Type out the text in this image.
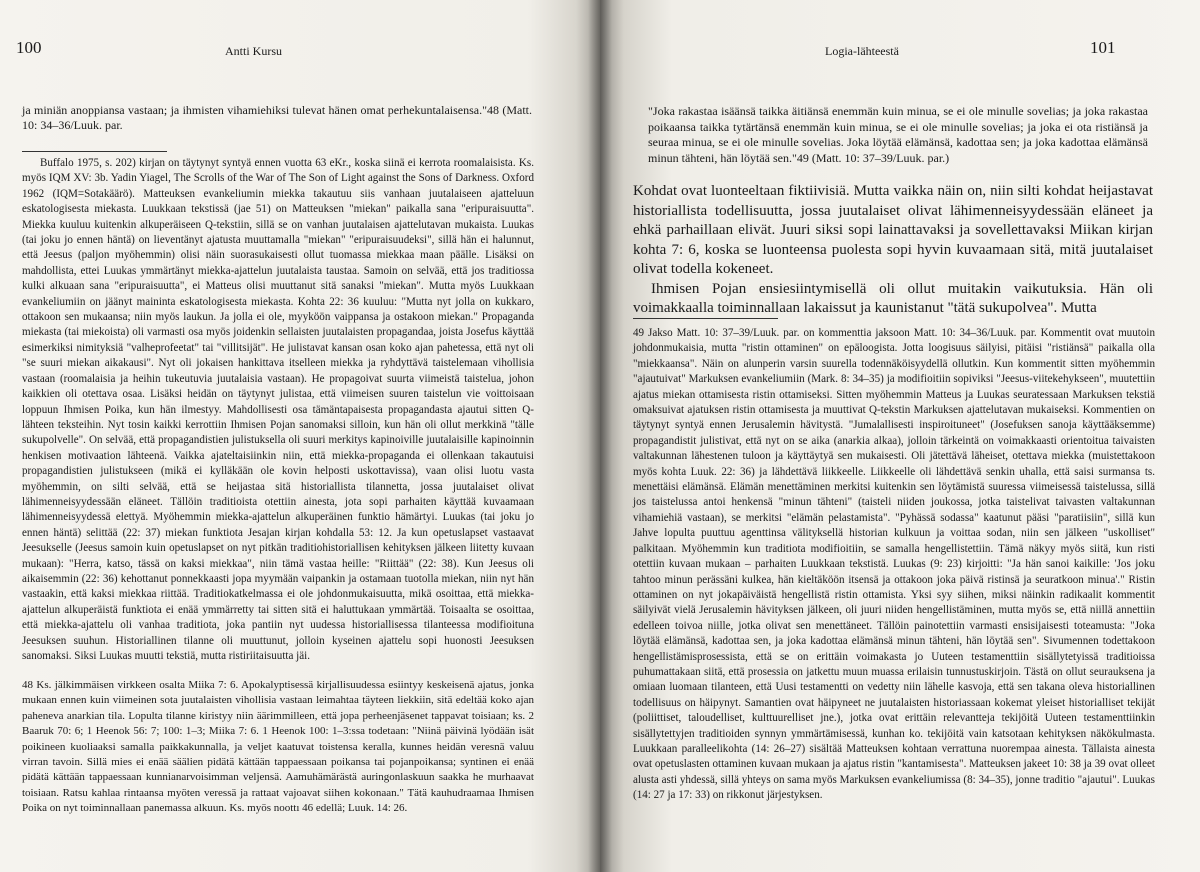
100	Antti Kursu

ja miniän anoppiansa vastaan; ja ihmisten vihamiehiksi tulevat hänen omat perhekuntalaisensa."48 (Matt. 10: 34–36/Luuk. par.

Buffalo 1975, s. 202) kirjan on täytynyt syntyä ennen vuotta 63 eKr., koska siinä ei kerrota roomalaisista. Ks. myös IQM XV: 3b. Yadin Yiagel, The Scrolls of the War of The Son of Light against the Sons of Darkness. Oxford 1962 (IQM=Sotakäärö). Matteuksen evankeliumin miekka takautuu siis vanhaan juutalaiseen ajatteluun eskatologisesta miekasta. Luukkaan tekstissä (jae 51) on Matteuksen "miekan" paikalla sana "eripuraisuutta". Miekka kuuluu kuitenkin alkuperäiseen Q-tekstiin, sillä se on vanhan juutalaisen ajattelutavan mukaista. Luukas (tai joku jo ennen häntä) on lieventänyt ajatusta muuttamalla "miekan" "eripuraisuudeksi", sillä hän ei halunnut, että Jeesus (paljon myöhemmin) olisi näin suorasukaisesti ollut tuomassa miekkaa maan päälle. Lisäksi on mahdollista, ettei Luukas ymmärtänyt miekka-ajattelun juutalaista taustaa. Samoin on selvää, että jos traditiossa kulki alkuaan sana "eripuraisuutta", ei Matteus olisi muuttanut sitä sanaksi "miekan". Mutta myös Luukkaan evankeliumiin on jäänyt maininta eskatologisesta miekasta. Kohta 22: 36 kuuluu: "Mutta nyt jolla on kukkaro, ottakoon sen mukaansa; niin myös laukun. Ja jolla ei ole, myyköön vaippansa ja ostakoon miekan." Propaganda miekasta (tai miekoista) oli varmasti osa myös joidenkin sellaisten juutalaisten propagandaa, joista Josefus käyttää esimerkiksi nimityksiä "valheprofeetat" tai "villitsijät". He julistavat kansan osan koko ajan pahetessa, että nyt oli "se suuri miekan aikakausi". Nyt oli jokaisen hankittava itselleen miekka ja ryhdyttävä taistelemaan vihollisia vastaan (roomalaisia ja heihin tukeutuvia juutalaisia vastaan). He propagoivat suurta viimeistä taistelua, johon kaikkien oli otettava osaa. Lisäksi heidän on täytynyt julistaa, että viimeisen suuren taistelun vie voittoisaan loppuun Ihmisen Poika, kun hän ilmestyy. Mahdollisesti osa tämäntapaisesta propagandasta ajautui sitten Q-lähteen teksteihin. Nyt tosin kaikki kerrottiin Ihmisen Pojan sanomaksi silloin, kun hän oli ollut merkkinä "tälle sukupolvelle". On selvää, että propagandistien julistuksella oli suuri merkitys kapinoiville juutalaisille kapinoinnin henkisen motivaation lähteenä. Vaikka ajateltaisiinkin niin, että miekka-propaganda ei ollenkaan takautuisi propagandistien julistukseen (mikä ei kylläkään ole kovin helposti uskottavissa), vaan olisi luotu vasta myöhemmin, on silti selvää, että se heijastaa sitä historiallista tilannetta, jossa juutalaiset olivat lähimenneisyydessään eläneet. Tällöin traditioista otettiin ainesta, jota sopi parhaiten käyttää kuvaamaan lähimenneisyydessä elettyä. Myöhemmin miekka-ajattelun alkuperäinen funktio hämärtyi. Luukas (tai joku jo ennen häntä) selittää (22: 37) miekan funktiota Jesajan kirjan kohdalla 53: 12. Ja kun opetuslapset vastaavat Jeesukselle (Jeesus samoin kuin opetuslapset on nyt pitkän traditiohistoriallisen kehityksen jälkeen liitetty kuvaan mukaan): "Herra, katso, tässä on kaksi miekkaa", niin tämä vastaa heille: "Riittää" (22: 38). Kun Jeesus oli aikaisemmin (22: 36) kehottanut ponnekkaasti jopa myymään vaipankin ja ostamaan tuotolla miekan, niin nyt hän vastaakin, että kaksi miekkaa riittää. Traditiokatkelmassa ei ole johdonmukaisuutta, mikä osoittaa, että miekka-ajattelun alkuperäistä funktiota ei enää ymmärretty tai sitten sitä ei haluttukaan ymmärtää. Toisaalta se osoittaa, että miekka-ajattelu oli vanhaa traditiota, joka pantiin nyt uudessa historiallisessa tilanteessa modifioituna Jeesuksen suuhun. Historiallinen tilanne oli muuttunut, jolloin kyseinen ajattelu sopi huonosti Jeesuksen sanomaksi. Siksi Luukas muutti tekstiä, mutta ristiriitaisuutta jäi.

48 Ks. jälkimmäisen virkkeen osalta Miika 7: 6. Apokalyptisessä kirjallisuudessa esiintyy keskeisenä ajatus, jonka mukaan ennen kuin viimeinen sota juutalaisten vihollisia vastaan leimahtaa täyteen liekkiin, sitä edeltää koko ajan paheneva anarkian tila. Lopulta tilanne kiristyy niin äärimmilleen, että jopa perheenjäsenet tappavat toisiaan; ks. 2 Baaruk 70: 6; 1 Heenok 56: 7; 100: 1–3; Miika 7: 6. 1 Heenok 100: 1–3:ssa todetaan: "Niinä päivinä lyödään isät poikineen kuoliaaksi samalla paikkakunnalla, ja veljet kaatuvat toistensa keralla, kunnes heidän veresnä valuu virran tavoin. Sillä mies ei enää säälien pidätä kättään tappaessaan poikansa tai pojanpoikansa; syntinen ei enää pidätä kättään tappaessaan kunnianarvoisimman veljensä. Aamuhämärästä auringonlaskuun saakka he murhaavat toisiaan. Ratsu kahlaa rintaansa myöten veressä ja rattaat vajoavat siihen kokonaan." Tätä kauhudraamaa Ihmisen Poika on nyt toiminnallaan panemassa alkuun. Ks. myös noottı 46 edellä; Luuk. 14: 26.

Logia-lähteestä	101

"Joka rakastaa isäänsä taikka äitiänsä enemmän kuin minua, se ei ole minulle sovelias; ja joka rakastaa poikaansa taikka tytärtänsä enemmän kuin minua, se ei ole minulle sovelias; ja joka ei ota ristiänsä ja seuraa minua, se ei ole minulle sovelias. Joka löytää elämänsä, kadottaa sen; ja joka kadottaa elämänsä minun tähteni, hän löytää sen."49 (Matt. 10: 37–39/Luuk. par.)

Kohdat ovat luonteeltaan fiktiivisiä. Mutta vaikka näin on, niin silti kohdat heijastavat historiallista todellisuutta, jossa juutalaiset olivat lähimenneisyydessään eläneet ja ehkä parhaillaan elivät. Juuri siksi sopi lainattavaksi ja sovellettavaksi Miikan kirjan kohta 7: 6, koska se luonteensa puolesta sopi hyvin kuvaamaan sitä, mitä juutalaiset olivat todella kokeneet.

Ihmisen Pojan ensiesiintymisellä oli ollut muitakin vaikutuksia. Hän oli voimakkaalla toiminnallaan lakaissut ja kaunistanut "tätä sukupolvea". Mutta

49 Jakso Matt. 10: 37–39/Luuk. par. on kommenttia jaksoon Matt. 10: 34–36/Luuk. par. Kommentit ovat muutoin johdonmukaisia, mutta "ristin ottaminen" on epäloogista. Jotta loogisuus säilyisi, pitäisi "ristiänsä" paikalla olla "miekkaansa". Näin on alunperin varsin suurella todennäköisyydellä ollutkin. Kun kommentit sitten myöhemmin "ajautuivat" Markuksen evankeliumiin (Mark. 8: 34–35) ja modifioitiin sopiviksi "Jeesus-viitekehykseen", muutettiin ajatus miekan ottamisesta ristin ottamiseksi. Sitten myöhemmin Matteus ja Luukas seuratessaan Markuksen tekstiä omaksuivat ajatuksen ristin ottamisesta ja muuttivat Q-tekstin Markuksen ajattelutavan mukaiseksi. Kommentien on täytynyt syntyä ennen Jerusalemin hävitystä. "Jumalallisesti inspiroituneet" (Josefuksen sanoja käyttääksemme) propagandistit julistivat, että nyt on se aika (anarkia alkaa), jolloin tärkeintä on voimakkaasti orientoitua taivaisten valtakunnan lähestenen tuloon ja käyttäytyä sen mukaisesti. Oli jätettävä läheiset, otettava miekka (muistettakoon myös kohta Luuk. 22: 36) ja lähdettävä liikkeelle. Liikkeelle oli lähdettävä senkin uhalla, että saisi surmansa ts. menettäisi elämänsä. Elämän menettäminen merkitsi kuitenkin sen löytämistä suuressa viimeisessä taistelussa, sillä jos taistelussa antoi henkensä "minun tähteni" (taisteli niiden joukossa, jotka taistelivat taivasten valtakunnan vihamiehiä vastaan), se merkitsi "elämän pelastamista". "Pyhässä sodassa" kaatunut pääsi "paratiisiin", sillä kun Jahve lopulta puuttuu agenttinsa välityksellä historian kulkuun ja voittaa sodan, niin sen jälkeen "uskolliset" palkitaan. Myöhemmin kun traditiota modifioitiin, se samalla hengellistettiin. Tämä näkyy myös siitä, kun risti otettiin kuvaan mukaan – parhaiten Luukkaan tekstistä. Luukas (9: 23) kirjoitti: "Ja hän sanoi kaikille: 'Jos joku tahtoo minun perässäni kulkea, hän kieltäköön itsensä ja ottakoon joka päivä ristinsä ja seuratkoon minua'." Ristin ottaminen on nyt jokapäiväistä hengellistä ristin ottamista. Yksi syy siihen, miksi näinkin radikaalit kommentit säilyivät vielä Jerusalemin hävityksen jälkeen, oli juuri niiden hengellistäminen, mutta myös se, että niillä annettiin edelleen toivoa niille, jotka olivat sen menettäneet. Tällöin painotettiin varmasti ensisijaisesti toteamusta: "Joka löytää elämänsä, kadottaa sen, ja joka kadottaa elämänsä minun tähteni, hän löytää sen". Sivumennen todettakoon hengellistämisprosessista, että se on erittäin voimakasta jo Uuteen testamenttiin sisällytetyissä traditioissa puhumattakaan siitä, että prosessia on jatkettu muun muassa erilaisin tunnustuskirjoin. Tästä on ollut seurauksena ja omiaan luomaan tilanteen, että Uusi testamentti on vedetty niin lähelle kasvoja, että sen takana oleva historiallinen todellisuus on häipynyt. Samantien ovat häipyneet ne juutalaisten historiassaan kokemat yleiset historialliset tekijät (poliittiset, taloudelliset, kulttuurelliset jne.), jotka ovat erittäin relevantteja tekijöitä Uuteen testamenttiinkin sisällytettyjen traditioiden synnyn ymmärtämisessä, kunhan ko. tekijöitä vain katsotaan kehityksen näkökulmasta. Luukkaan paralleelikohta (14: 26–27) sisältää Matteuksen kohtaan verrattuna nuorempaa ainesta. Tällaista ainesta ovat opetuslasten ottaminen kuvaan mukaan ja ajatus ristin "kantamisesta". Matteuksen jakeet 10: 38 ja 39 ovat olleet alusta asti yhdessä, sillä yhteys on sama myös Markuksen evankeliumissa (8: 34–35), jonne traditio "ajautui". Luukas (14: 27 ja 17: 33) on rikkonut järjestyksen.
